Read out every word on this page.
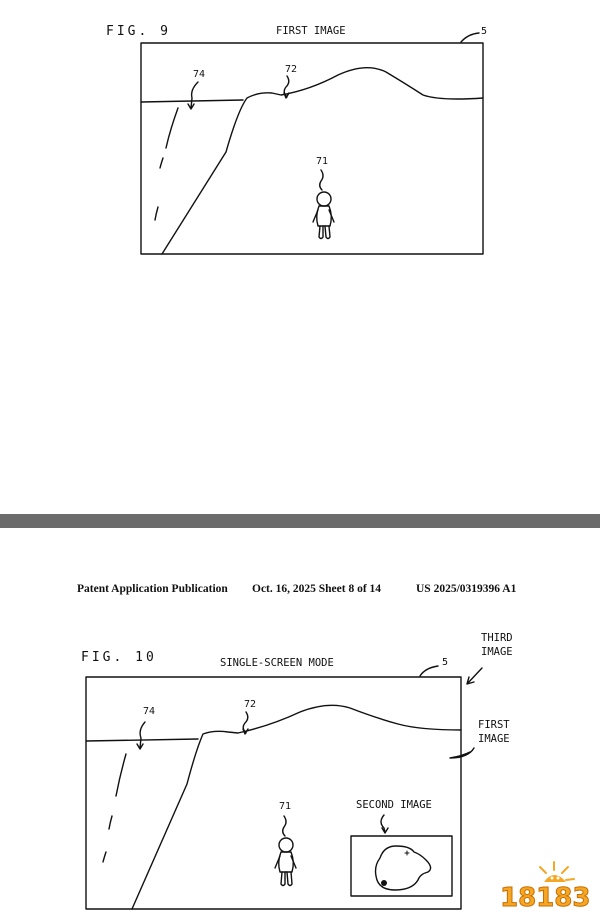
FIG. 9	FIRST IMAGE	5
74	72
71
Patent Application Publication Oct. 16, 2025 Sheet 8 of 14	US 2025/0319396 A1
FIG. 10	SINGLE-SCREEN MODE	5
THIRD
IMAGE
FIRST
IMAGE
74
72
71	SECOND IMAGE
18183
